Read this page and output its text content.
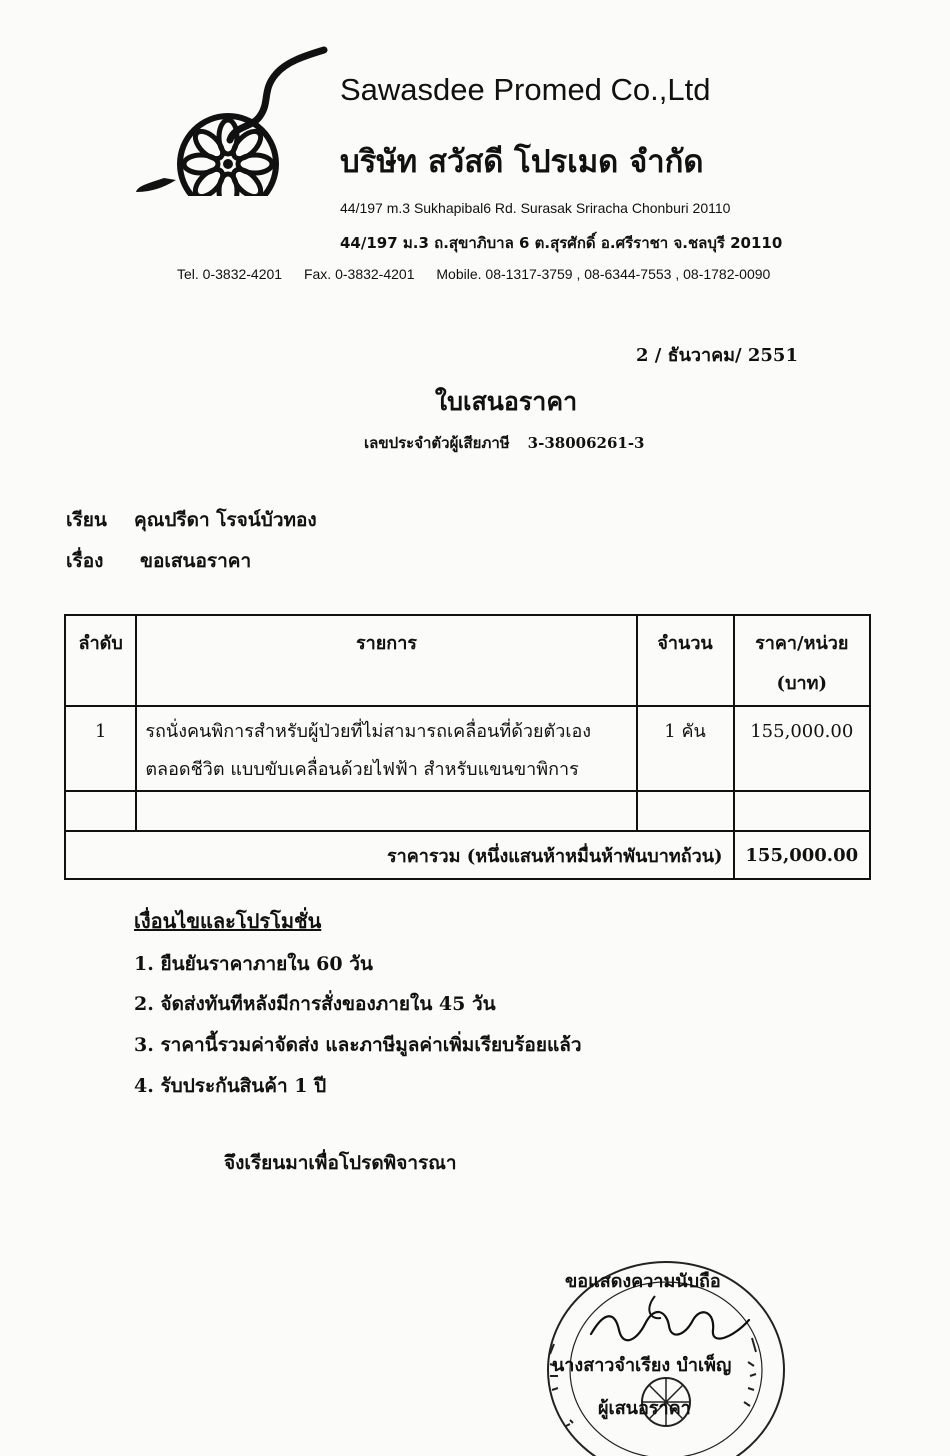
Sawasdee Promed Co.,Ltd
บริษัท สวัสดี โปรเมด จำกัด
44/197 m.3 Sukhapibal6 Rd. Surasak Sriracha Chonburi 20110
44/197 ม.3 ถ.สุขาภิบาล 6 ต.สุรศักดิ์ อ.ศรีราชา จ.ชลบุรี 20110
Tel. 0-3832-4201 Fax. 0-3832-4201 Mobile. 08-1317-3759 , 08-6344-7553 , 08-1782-0090
2 / ธันวาคม/ 2551
ใบเสนอราคา
เลขประจำตัวผู้เสียภาษี 3-38006261-3
เรียน คุณปรีดา โรจน์บัวทอง
เรื่อง ขอเสนอราคา
ลำดับ	รายการ	จำนวน	ราคา/หน่วย
(บาท)

1	รถนั่งคนพิการสำหรับผู้ป่วยที่ไม่สามารถเคลื่อนที่ด้วยตัวเอง
ตลอดชีวิต แบบขับเคลื่อนด้วยไฟฟ้า สำหรับแขนขาพิการ	1 คัน	155,000.00

ราคารวม (หนึ่งแสนห้าหมื่นห้าพันบาทถ้วน)			155,000.00
เงื่อนไขและโปรโมชั่น
1. ยืนยันราคาภายใน 60 วัน
2. จัดส่งทันทีหลังมีการสั่งของภายใน 45 วัน
3. ราคานี้รวมค่าจัดส่ง และภาษีมูลค่าเพิ่มเรียบร้อยแล้ว
4. รับประกันสินค้า 1 ปี
จึงเรียนมาเพื่อโปรดพิจารณา
ขอแสดงความนับถือ
นางสาวจำเรียง บำเพ็ญ
ผู้เสนอราคา
